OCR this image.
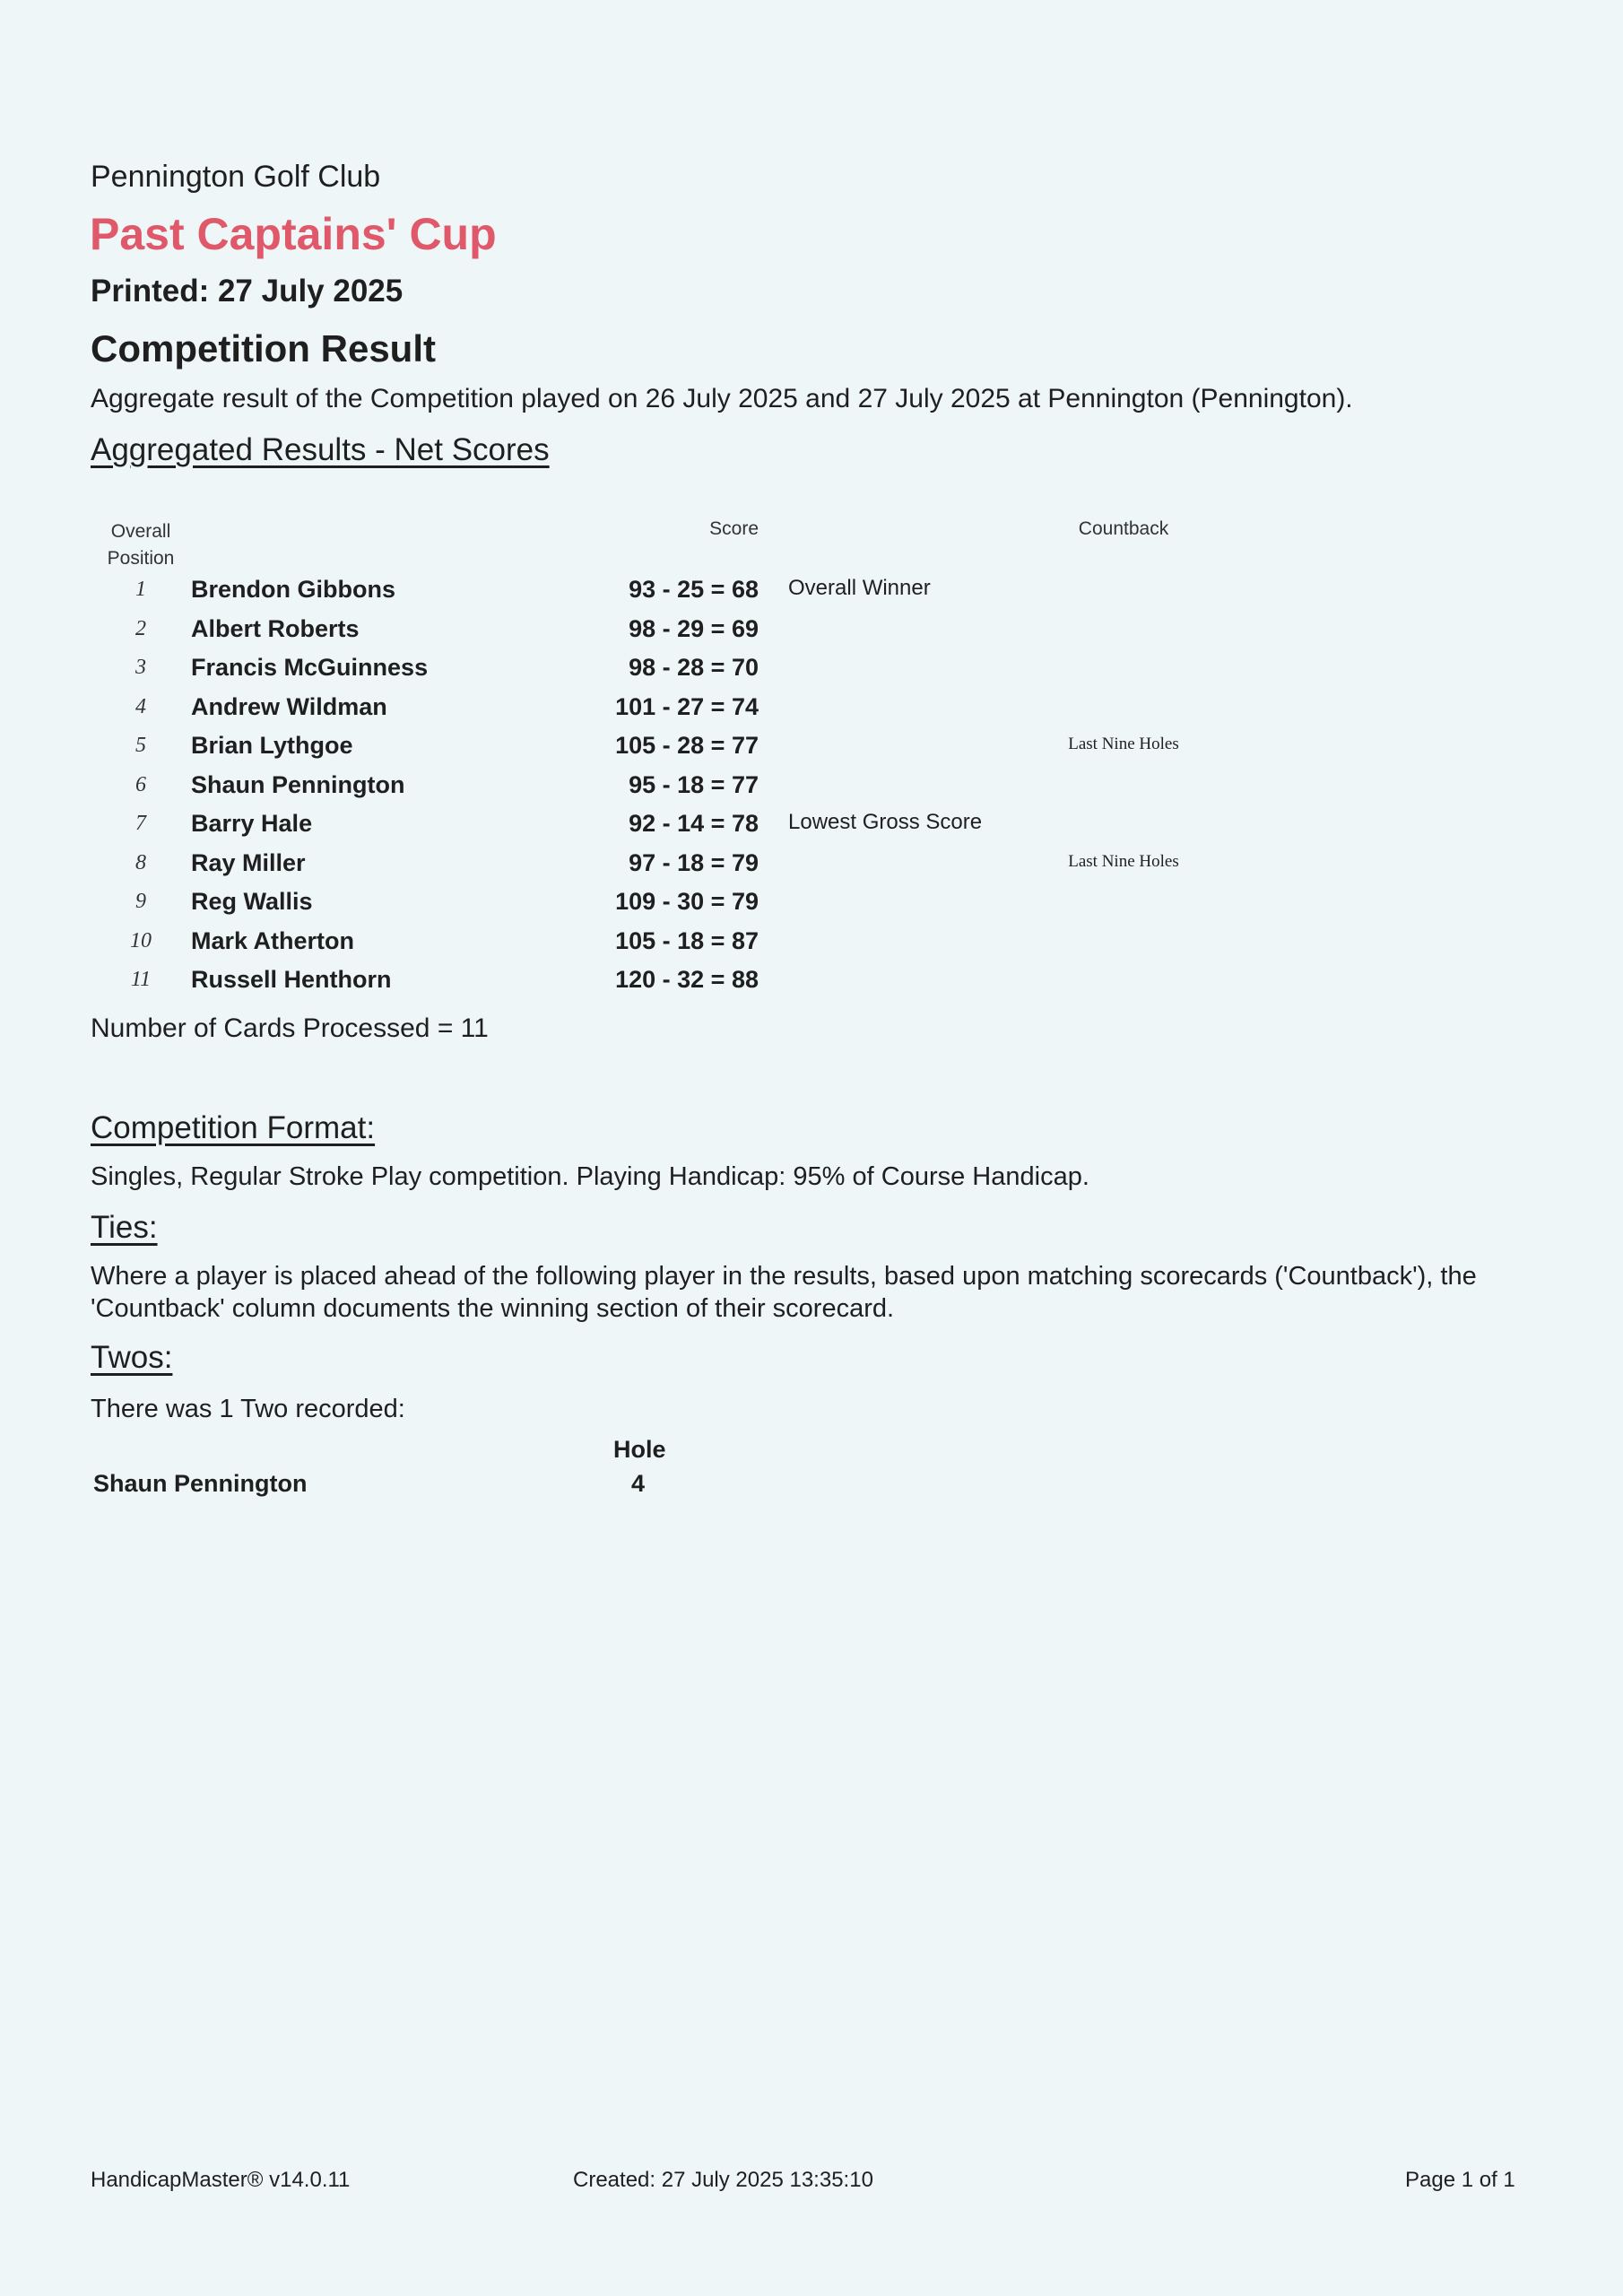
Pennington Golf Club
Past Captains' Cup
Printed: 27 July 2025
Competition Result
Aggregate result of the Competition played on 26 July 2025 and 27 July 2025 at Pennington (Pennington).
Aggregated Results - Net Scores
Overall Position
Score	Countback
1	Brendon Gibbons	93 - 25 = 68 Overall Winner
2	Albert Roberts	98 - 29 = 69
3	Francis McGuinness	98 - 28 = 70
4	Andrew Wildman	101 - 27 = 74
5	Brian Lythgoe	105 - 28 = 77	Last Nine Holes
6	Shaun Pennington	95 - 18 = 77
7	Barry Hale	92 - 14 = 78 Lowest Gross Score
8	Ray Miller	97 - 18 = 79	Last Nine Holes
9	Reg Wallis	109 - 30 = 79
10	Mark Atherton	105 - 18 = 87
11	Russell Henthorn	120 - 32 = 88
Number of Cards Processed = 11
Competition Format:
Singles, Regular Stroke Play competition. Playing Handicap: 95% of Course Handicap.
Ties:
Where a player is placed ahead of the following player in the results, based upon matching scorecards ('Countback'), the 'Countback' column documents the winning section of their scorecard.
Twos:
There was 1 Two recorded:
Hole
Shaun Pennington	4
HandicapMaster® v14.0.11	Created: 27 July 2025 13:35:10	Page 1 of 1
